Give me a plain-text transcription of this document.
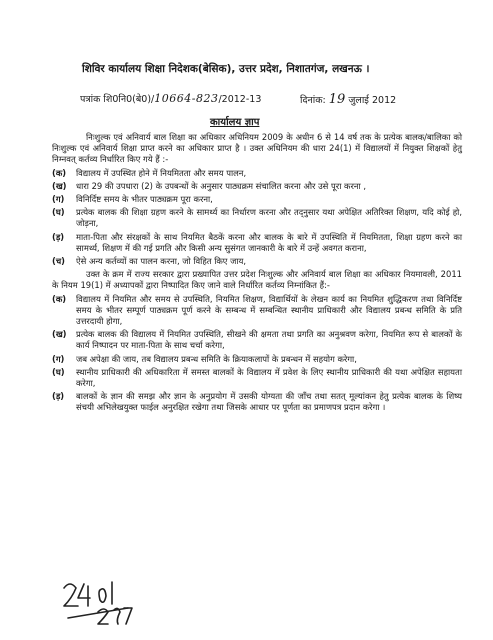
शिविर कार्यालय शिक्षा निदेशक(बेसिक), उत्तर प्रदेश, निशातगंज, लखनऊ ।
पत्रांक शि0नि0(बे0)/10664-823/2012-13	दिनांक: 19 जुलाई 2012
कार्यालय ज्ञाप

निःशुल्क एवं अनिवार्य बाल शिक्षा का अधिकार अधिनियम 2009 के अधीन 6 से 14 वर्ष तक के प्रत्येक बालक/बालिका को निःशुल्क एवं अनिवार्य शिक्षा प्राप्त करने का अधिकार प्राप्त है । उक्त अधिनियम की धारा 24(1) में विद्यालयों में नियुक्त शिक्षकों हेतु निम्नवत् कर्तव्य निर्धारित किए गये हैं :-

(क)	विद्यालय में उपस्थित होने में नियमितता और समय पालन,
(ख)	धारा 29 की उपधारा (2) के उपबन्धों के अनुसार पाठ्यक्रम संचालित करना और उसे पूरा करना ,
(ग)	विनिर्दिष्ट समय के भीतर पाठ्यक्रम पूरा करना,
(घ)	प्रत्येक बालक की शिक्षा ग्रहण करने के सामर्थ्य का निर्धारण करना और तद्नुसार यथा अपेक्षित अतिरिक्त शिक्षण, यदि कोई हो, जोड़ना,
(ड़)	माता-पिता और संरक्षकों के साथ नियमित बैठकें करना और बालक के बारे में उपस्थिति में नियमितता, शिक्षा ग्रहण करने का सामर्थ्य, शिक्षण में की गई प्रगति और किसी अन्य सुसंगत जानकारी के बारे में उन्हें अवगत कराना,
(च)	ऐसे अन्य कर्तव्यों का पालन करना, जो विहित किए जाय,

उक्त के क्रम में राज्य सरकार द्वारा प्रख्यापित उत्तर प्रदेश निःशुल्क और अनिवार्य बाल शिक्षा का अधिकार नियमावली, 2011 के नियम 19(1) में अध्यापकों द्वारा निष्पादित किए जाने वाले निर्धारित कर्तव्य निम्नांकित हैं:-

(क)	विद्यालय में नियमित और समय से उपस्थिति, नियमित शिक्षण, विद्यार्थियों के लेखन कार्य का नियमित शुद्धिकरण तथा विनिर्दिष्ट समय के भीतर सम्पूर्ण पाठ्यक्रम पूर्ण करने के सम्बन्ध में सम्बन्धित स्थानीय प्राधिकारी और विद्यालय प्रबन्ध समिति के प्रति उत्तरदायी होगा,
(ख)	प्रत्येक बालक की विद्यालय में नियमित उपस्थिति, सीखने की क्षमता तथा प्रगति का अनुश्रवण करेगा, नियमित रूप से बालकों के कार्य निष्पादन पर माता-पिता के साथ चर्चा करेगा,
(ग)	जब अपेक्षा की जाय, तब विद्यालय प्रबन्ध समिति के क्रियाकलापों के प्रबन्धन में सहयोग करेगा,
(घ)	स्थानीय प्राधिकारी की अधिकारिता में समस्त बालकों के विद्यालय में प्रवेश के लिए स्थानीय प्राधिकारी की यथा अपेक्षित सहायता करेगा,
(ड़)	बालकों के ज्ञान की समझ और ज्ञान के अनुप्रयोग में उसकी योग्यता की जाँच तथा सतत् मूल्यांकन हेतु प्रत्येक बालक के शिष्य संचयी अभिलेखयुक्त फाईल अनुरक्षित रखेगा तथा जिसके आधार पर पूर्णता का प्रमाणपत्र प्रदान करेगा ।
